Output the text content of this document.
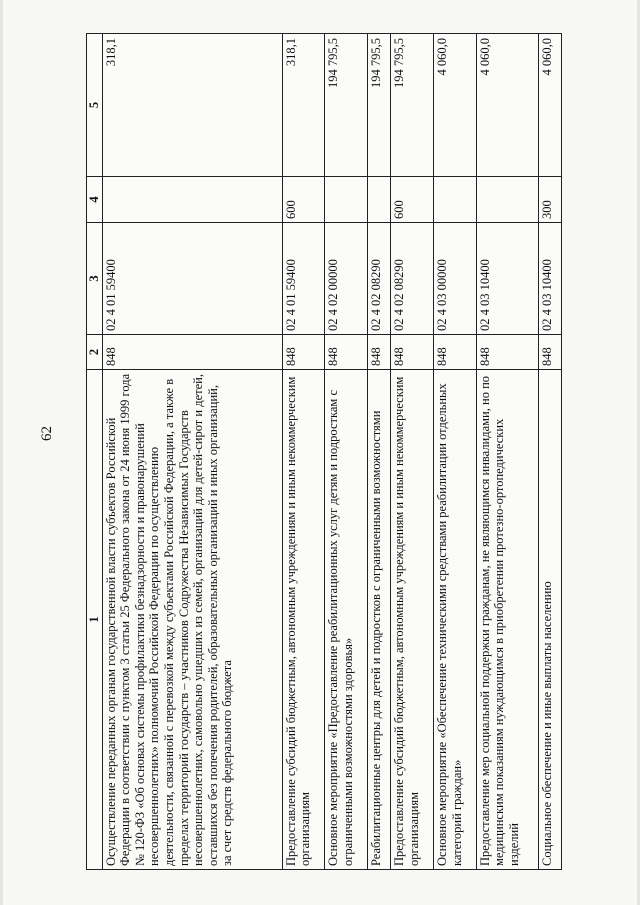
62
1	2	3	4	5
Осуществление переданных органам государственной власти субъектов Российской Федерации в соответствии с пунктом 3 статьи 25 Федерального закона от 24 июня 1999 года № 120-ФЗ «Об основах системы профилактики безнадзорности и правонарушений несовершеннолетних» полномочий Российской Федерации по осуществлению деятельности, связанной с перевозкой между субъектами Российской Федерации, а также в пределах территорий государств – участников Содружества Независимых Государств несовершеннолетних, самовольно ушедших из семей, организаций для детей-сирот и детей, оставшихся без попечения родителей, образовательных организаций и иных организаций, за счет средств федерального бюджета	848	02 4 01 59400		318,1
Предоставление субсидий бюджетным, автономным учреждениям и иным некоммерческим организациям	848	02 4 01 59400	600	318,1
Основное мероприятие «Предоставление реабилитационных услуг детям и подросткам с ограниченными возможностями здоровья»	848	02 4 02 00000		194 795,5
Реабилитационные центры для детей и подростков с ограниченными возможностями	848	02 4 02 08290		194 795,5
Предоставление субсидий бюджетным, автономным учреждениям и иным некоммерческим организациям	848	02 4 02 08290	600	194 795,5
Основное мероприятие «Обеспечение техническими средствами реабилитации отдельных категорий граждан»	848	02 4 03 00000		4 060,0
Предоставление мер социальной поддержки гражданам, не являющимся инвалидами, но по медицинским показаниям нуждающимся в приобретении протезно-ортопедических изделий	848	02 4 03 10400		4 060,0
Социальное обеспечение и иные выплаты населению	848	02 4 03 10400	300	4 060,0
